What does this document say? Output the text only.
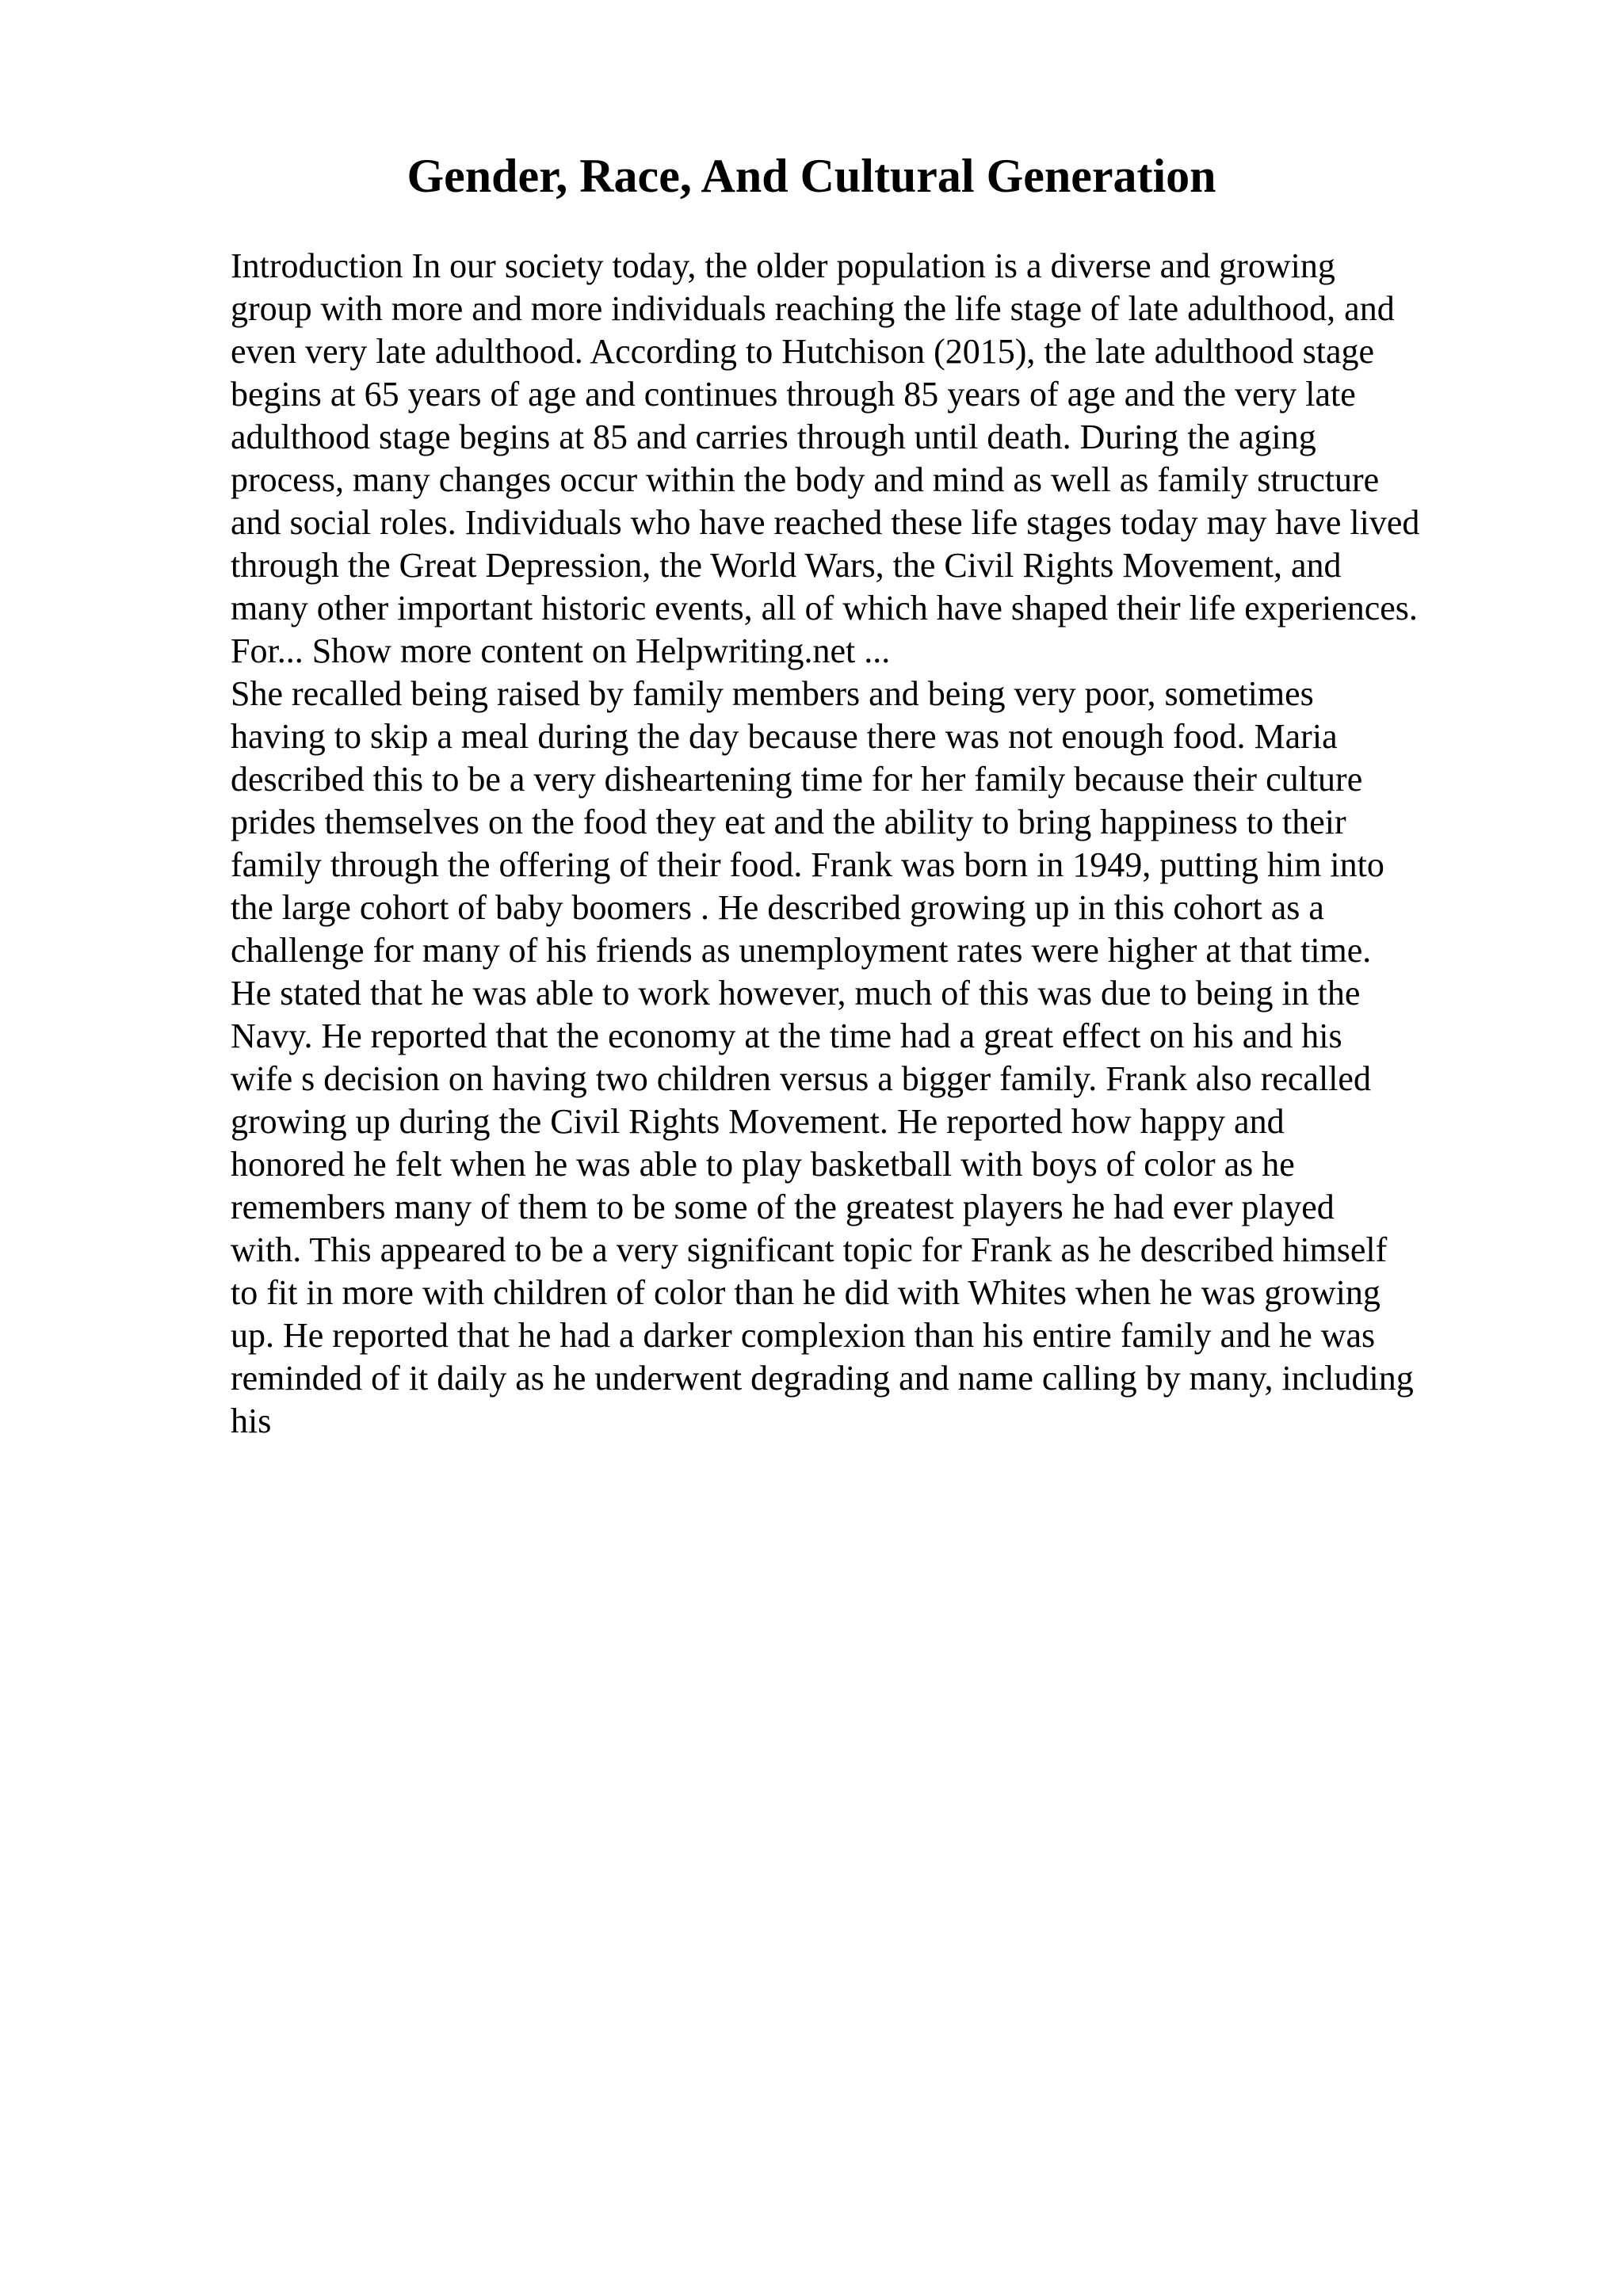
Gender, Race, And Cultural Generation
Introduction In our society today, the older population is a diverse and growing
group with more and more individuals reaching the life stage of late adulthood, and
even very late adulthood. According to Hutchison (2015), the late adulthood stage
begins at 65 years of age and continues through 85 years of age and the very late
adulthood stage begins at 85 and carries through until death. During the aging
process, many changes occur within the body and mind as well as family structure
and social roles. Individuals who have reached these life stages today may have lived
through the Great Depression, the World Wars, the Civil Rights Movement, and
many other important historic events, all of which have shaped their life experiences.
For... Show more content on Helpwriting.net ...
She recalled being raised by family members and being very poor, sometimes
having to skip a meal during the day because there was not enough food. Maria
described this to be a very disheartening time for her family because their culture
prides themselves on the food they eat and the ability to bring happiness to their
family through the offering of their food. Frank was born in 1949, putting him into
the large cohort of baby boomers . He described growing up in this cohort as a
challenge for many of his friends as unemployment rates were higher at that time.
He stated that he was able to work however, much of this was due to being in the
Navy. He reported that the economy at the time had a great effect on his and his
wife s decision on having two children versus a bigger family. Frank also recalled
growing up during the Civil Rights Movement. He reported how happy and
honored he felt when he was able to play basketball with boys of color as he
remembers many of them to be some of the greatest players he had ever played
with. This appeared to be a very significant topic for Frank as he described himself
to fit in more with children of color than he did with Whites when he was growing
up. He reported that he had a darker complexion than his entire family and he was
reminded of it daily as he underwent degrading and name calling by many, including
his
